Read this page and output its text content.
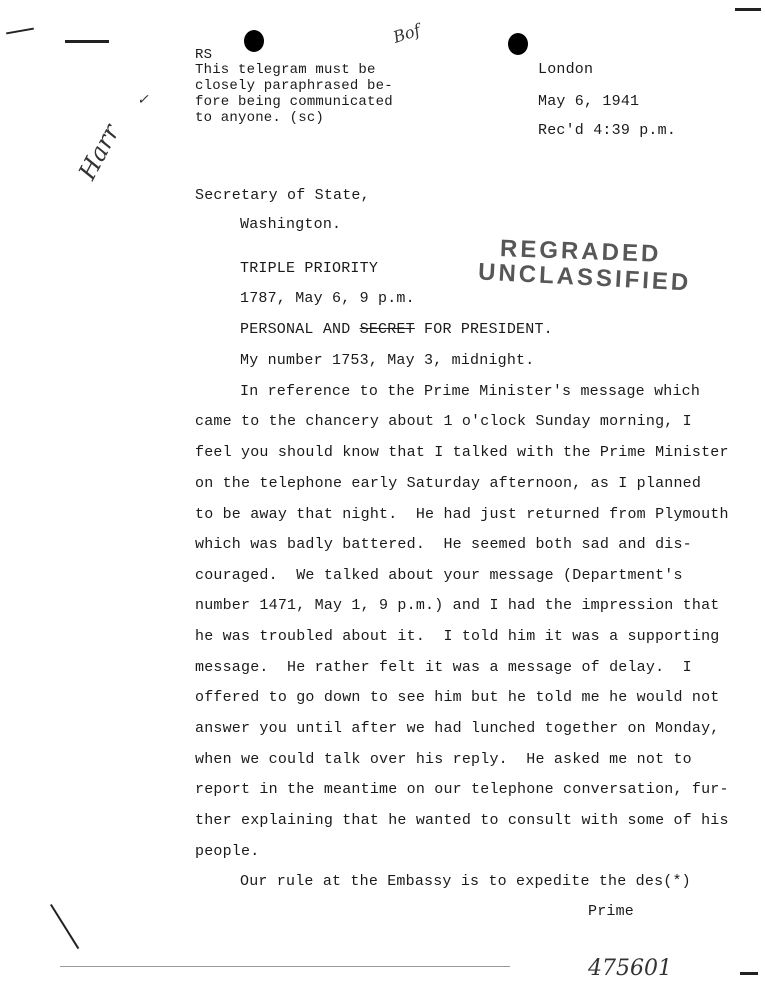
Bof
Harr
✓
RS
This telegram must be
closely paraphrased be-
fore being communicated
to anyone. (sc)
London
May 6, 1941
Rec'd 4:39 p.m.
Secretary of State,
Washington.
REGRADED
UNCLASSIFIED
TRIPLE PRIORITY
1787, May 6, 9 p.m.
PERSONAL AND SECRET FOR PRESIDENT.
My number 1753, May 3, midnight.
In reference to the Prime Minister's message which
came to the chancery about 1 o'clock Sunday morning, I
feel you should know that I talked with the Prime Minister
on the telephone early Saturday afternoon, as I planned
to be away that night.  He had just returned from Plymouth
which was badly battered.  He seemed both sad and dis-
couraged.  We talked about your message (Department's
number 1471, May 1, 9 p.m.) and I had the impression that
he was troubled about it.  I told him it was a supporting
message.  He rather felt it was a message of delay.  I
offered to go down to see him but he told me he would not
answer you until after we had lunched together on Monday,
when we could talk over his reply.  He asked me not to
report in the meantime on our telephone conversation, fur-
ther explaining that he wanted to consult with some of his
people.
Our rule at the Embassy is to expedite the des(*)
Prime
475601
